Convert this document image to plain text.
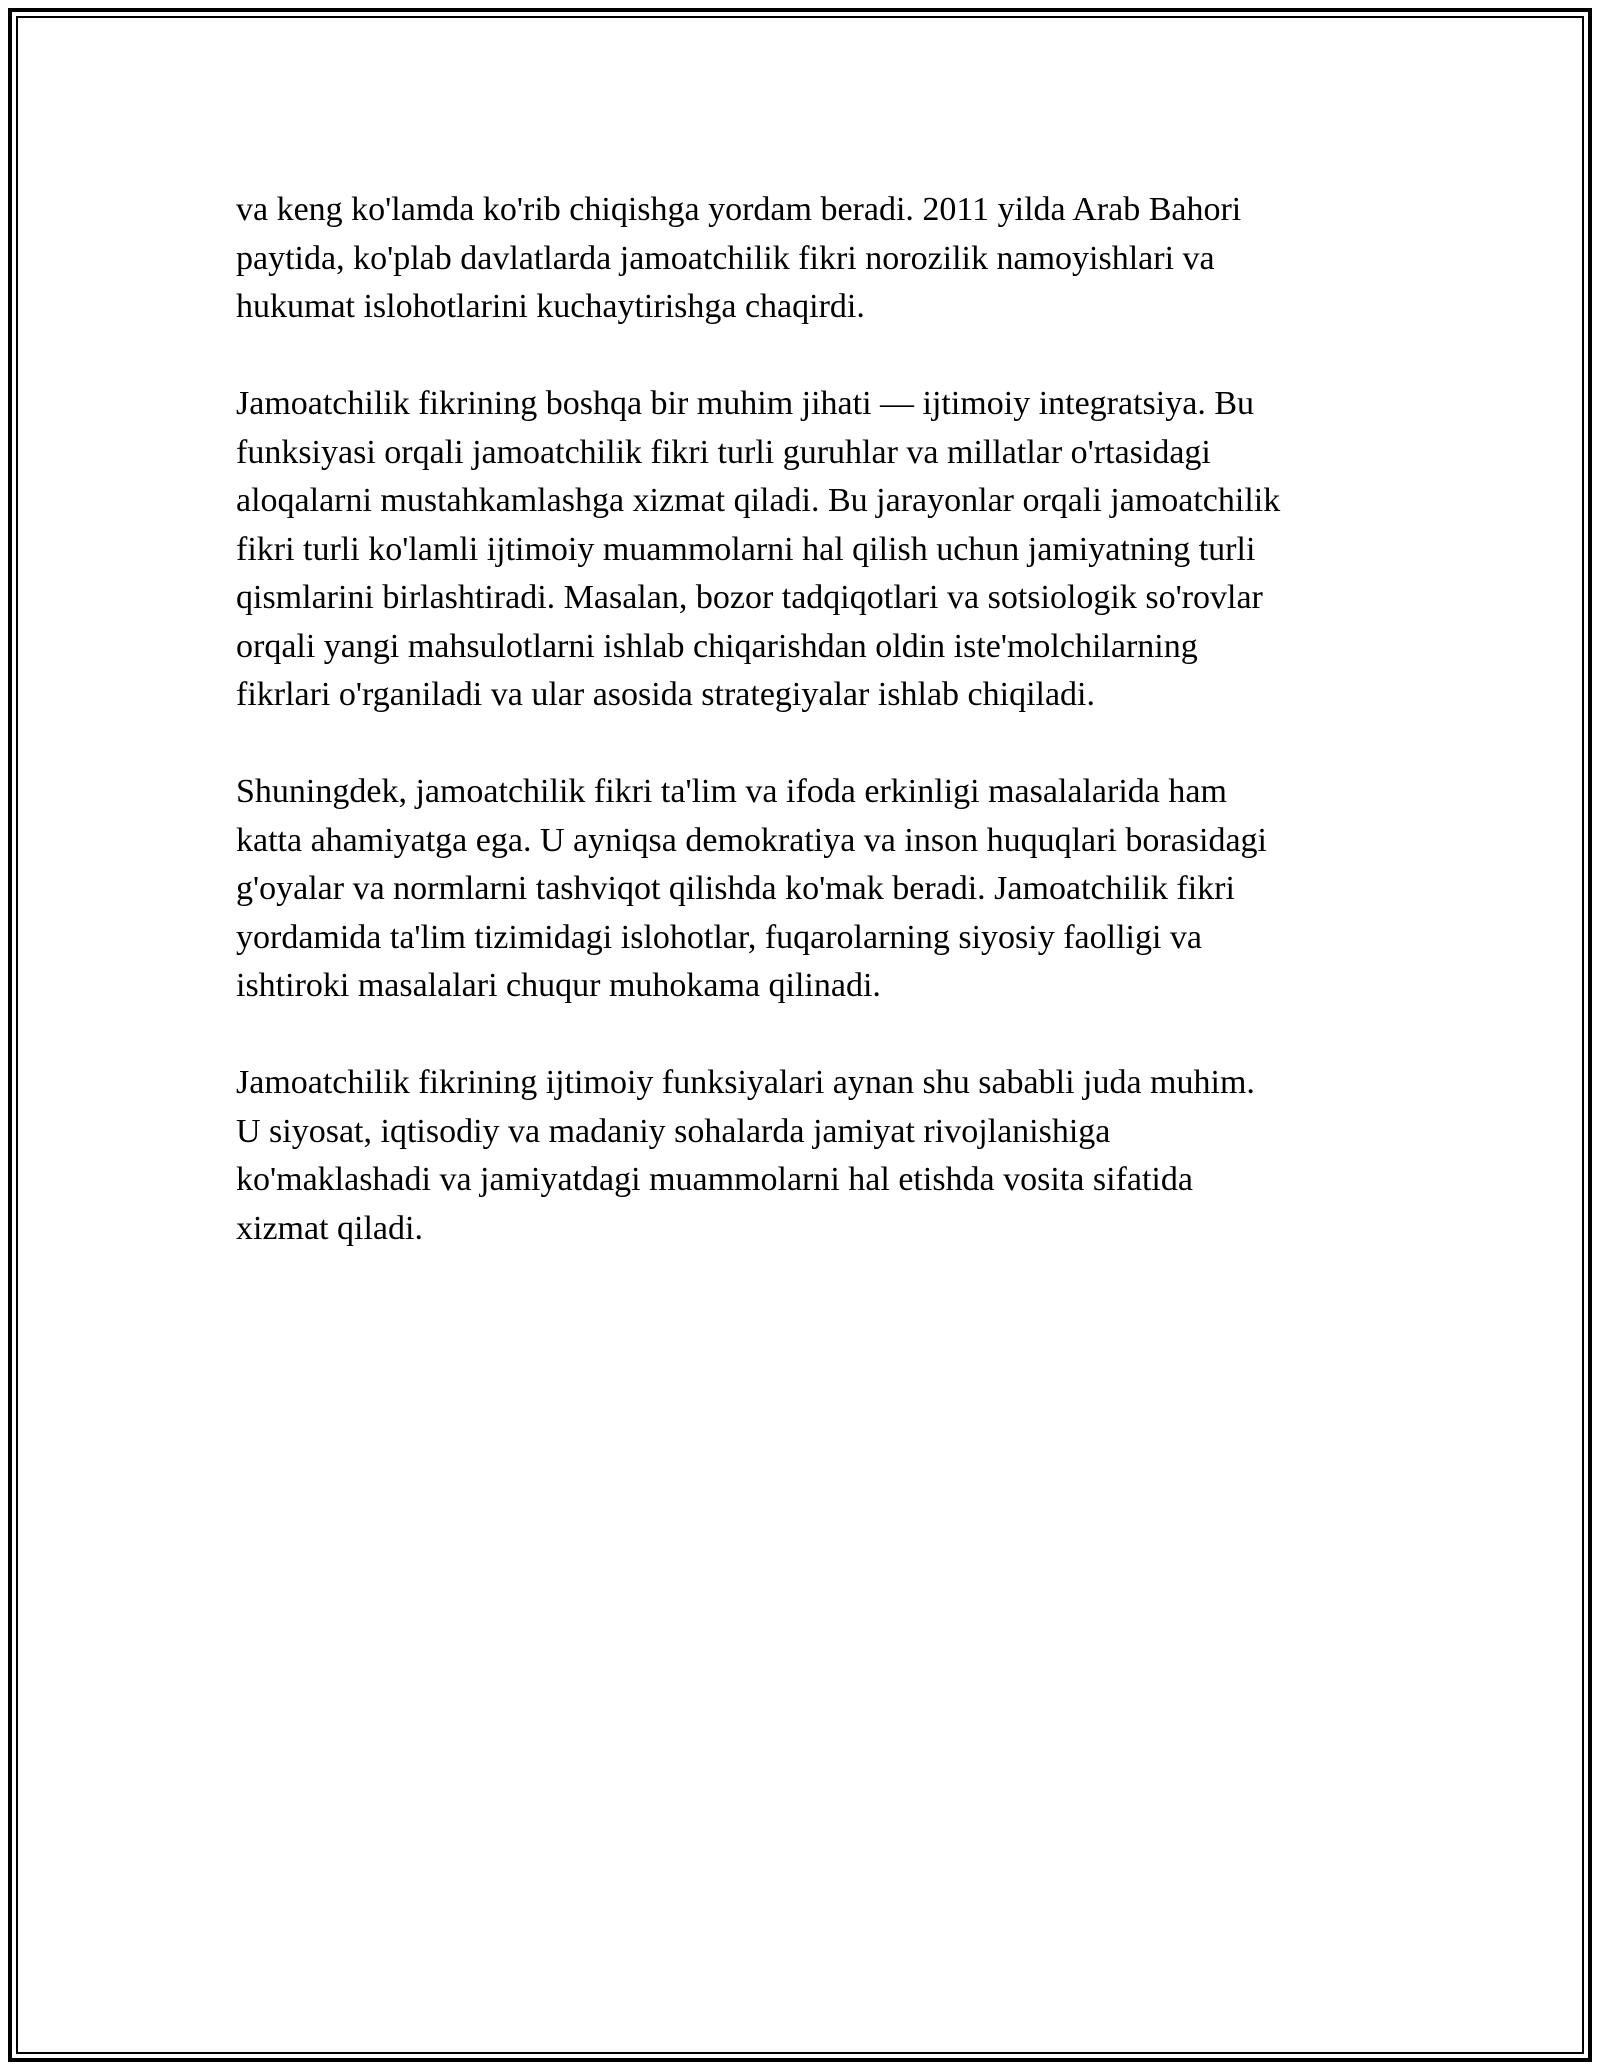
va keng ko'lamda ko'rib chiqishga yordam beradi. 2011 yilda Arab Bahori
paytida, ko'plab davlatlarda jamoatchilik fikri norozilik namoyishlari va
hukumat islohotlarini kuchaytirishga chaqirdi.

Jamoatchilik fikrining boshqa bir muhim jihati — ijtimoiy integratsiya. Bu
funksiyasi orqali jamoatchilik fikri turli guruhlar va millatlar o'rtasidagi
aloqalarni mustahkamlashga xizmat qiladi. Bu jarayonlar orqali jamoatchilik
fikri turli ko'lamli ijtimoiy muammolarni hal qilish uchun jamiyatning turli
qismlarini birlashtiradi. Masalan, bozor tadqiqotlari va sotsiologik so'rovlar
orqali yangi mahsulotlarni ishlab chiqarishdan oldin iste'molchilarning
fikrlari o'rganiladi va ular asosida strategiyalar ishlab chiqiladi.

Shuningdek, jamoatchilik fikri ta'lim va ifoda erkinligi masalalarida ham
katta ahamiyatga ega. U ayniqsa demokratiya va inson huquqlari borasidagi
g'oyalar va normlarni tashviqot qilishda ko'mak beradi. Jamoatchilik fikri
yordamida ta'lim tizimidagi islohotlar, fuqarolarning siyosiy faolligi va
ishtiroki masalalari chuqur muhokama qilinadi.

Jamoatchilik fikrining ijtimoiy funksiyalari aynan shu sababli juda muhim.
U siyosat, iqtisodiy va madaniy sohalarda jamiyat rivojlanishiga
ko'maklashadi va jamiyatdagi muammolarni hal etishda vosita sifatida
xizmat qiladi.
